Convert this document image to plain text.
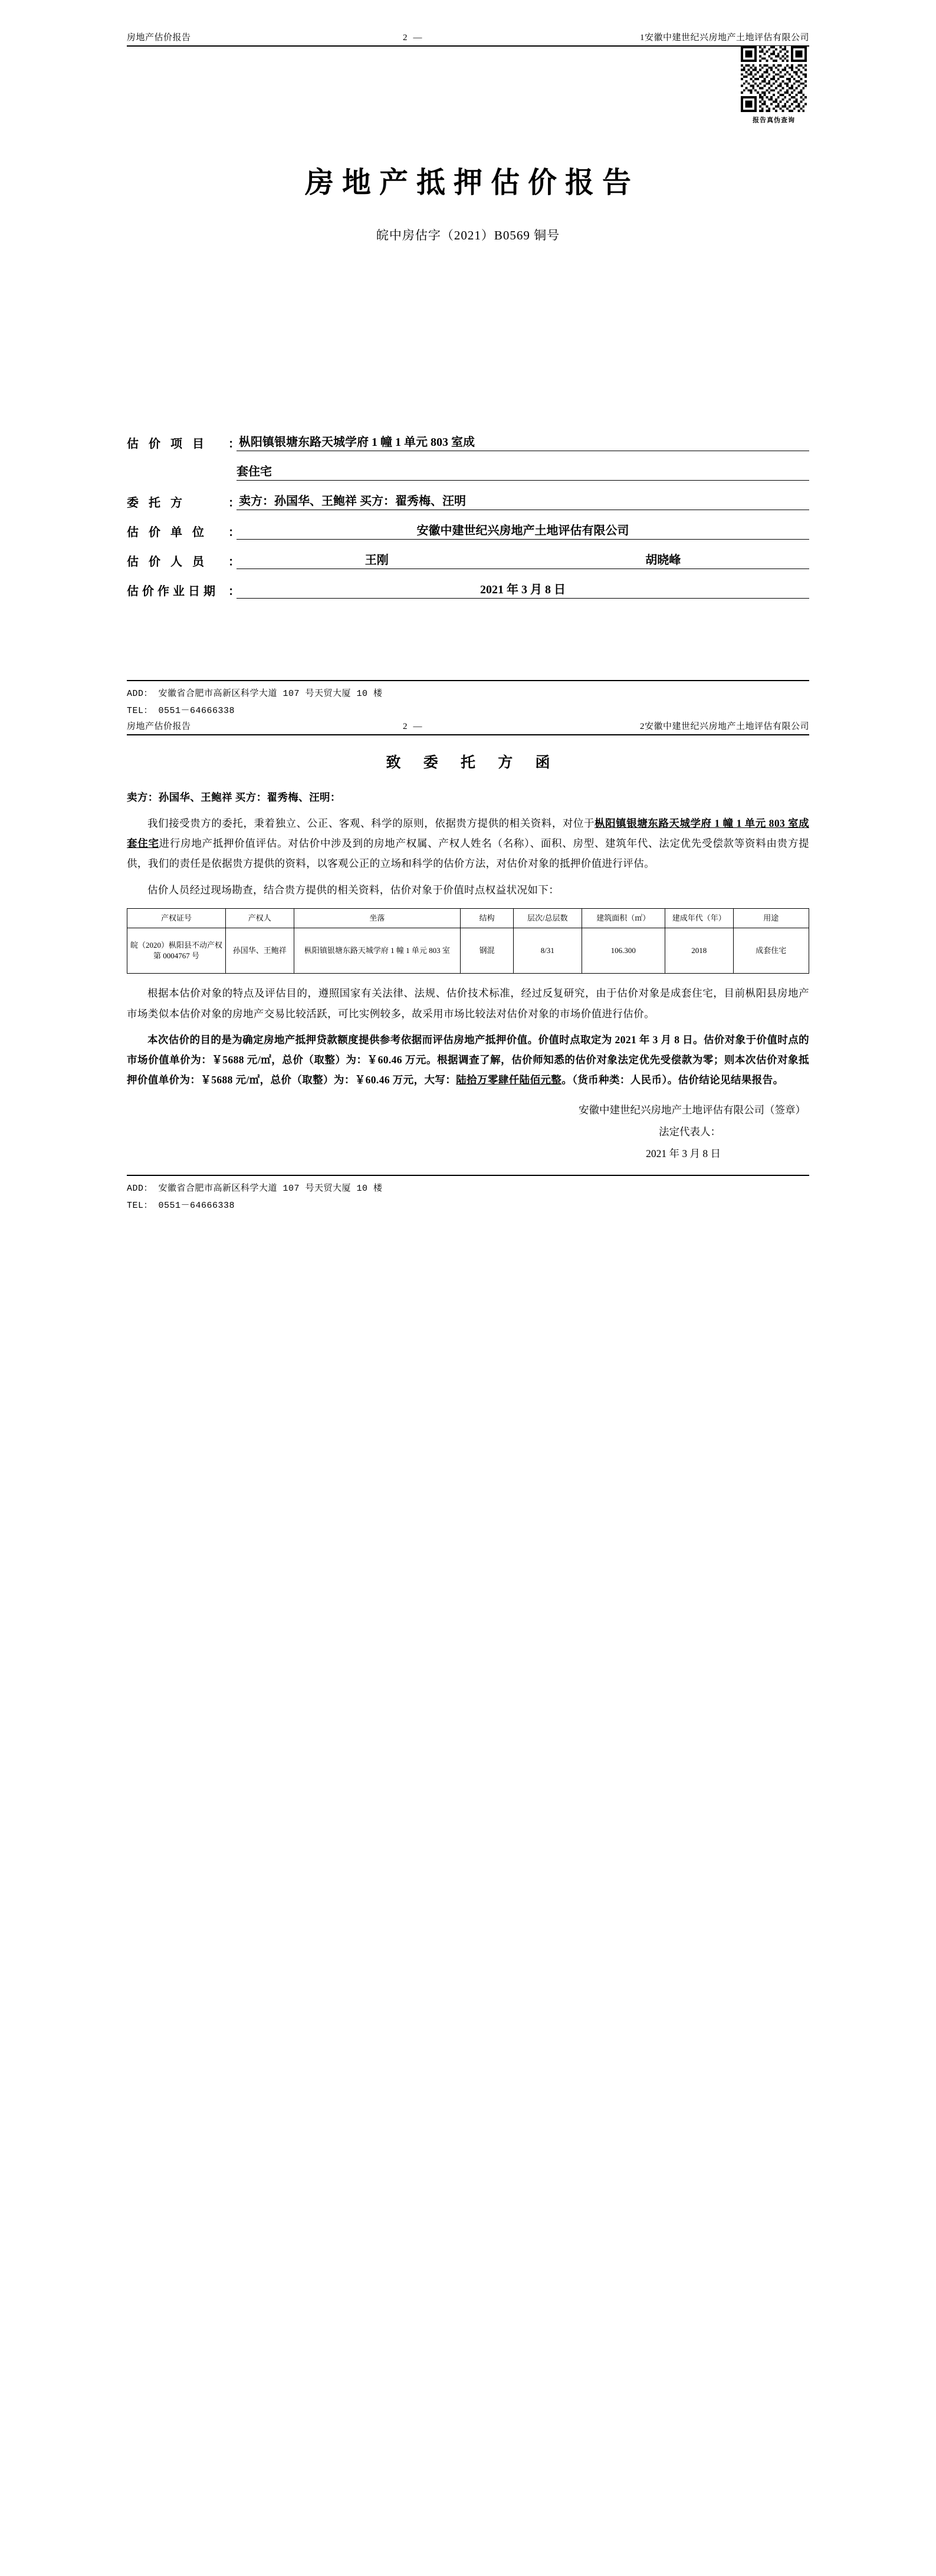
房地产估价报告	2—	1 安徽中建世纪兴房地产土地评估有限公司
报告真伪查询
房地产抵押估价报告
皖中房估字（2021）B0569 铜号
估 价 项 目	：
枞阳镇银塘东路天城学府 1 幢 1 单元 803 室成
套住宅
委 托 方	：
卖方：孙国华、王鲍祥 买方：翟秀梅、汪明
估 价 单 位	：	安徽中建世纪兴房地产土地评估有限公司
估 价 人 员	：	王刚	胡晓峰
估价作业日期 ：	2021 年 3 月 8 日
ADD： 安徽省合肥市高新区科学大道 107 号天贸大厦 10 楼
TEL： 0551－64666338
房地产估价报告	2—	2 安徽中建世纪兴房地产土地评估有限公司
致 委 托 方 函

卖方：孙国华、王鲍祥 买方：翟秀梅、汪明：

我们接受贵方的委托，秉着独立、公正、客观、科学的原则，依据贵方提供的相关资料，对位于枞阳镇银塘东路天城学府 1 幢 1 单元 803 室成套住宅进行房地产抵押价值评估。对估价中涉及到的房地产权属、产权人姓名（名称）、面积、房型、建筑年代、法定优先受偿款等资料由贵方提供，我们的责任是依据贵方提供的资料，以客观公正的立场和科学的估价方法，对估价对象的抵押价值进行评估。

估价人员经过现场勘查，结合贵方提供的相关资料，估价对象于价值时点权益状况如下：

产权证号	产权人	坐落	结构	层次/总层数	建筑面积（㎡）	建成年代（年）	用途
皖（2020）枞阳县不动产权第 0004767 号	孙国华、王鲍祥	枞阳镇银塘东路天城学府 1 幢 1 单元 803 室	钢混	8/31	106.300	2018	成套住宅

根据本估价对象的特点及评估目的，遵照国家有关法律、法规、估价技术标准，经过反复研究，由于估价对象是成套住宅，目前枞阳县房地产市场类似本估价对象的房地产交易比较活跃，可比实例较多，故采用市场比较法对估价对象的市场价值进行估价。

本次估价的目的是为确定房地产抵押贷款额度提供参考依据而评估房地产抵押价值。价值时点取定为 2021 年 3 月 8 日。估价对象于价值时点的市场价值单价为：￥5688 元/㎡，总价（取整）为：￥60.46 万元。根据调查了解，估价师知悉的估价对象法定优先受偿款为零；则本次估价对象抵押价值单价为：￥5688 元/㎡，总价（取整）为：￥60.46 万元，大写：陆拾万零肆仟陆佰元整。（货币种类：人民币）。估价结论见结果报告。

安徽中建世纪兴房地产土地评估有限公司（签章）
法定代表人：
2021 年 3 月 8 日
ADD： 安徽省合肥市高新区科学大道 107 号天贸大厦 10 楼
TEL： 0551－64666338
